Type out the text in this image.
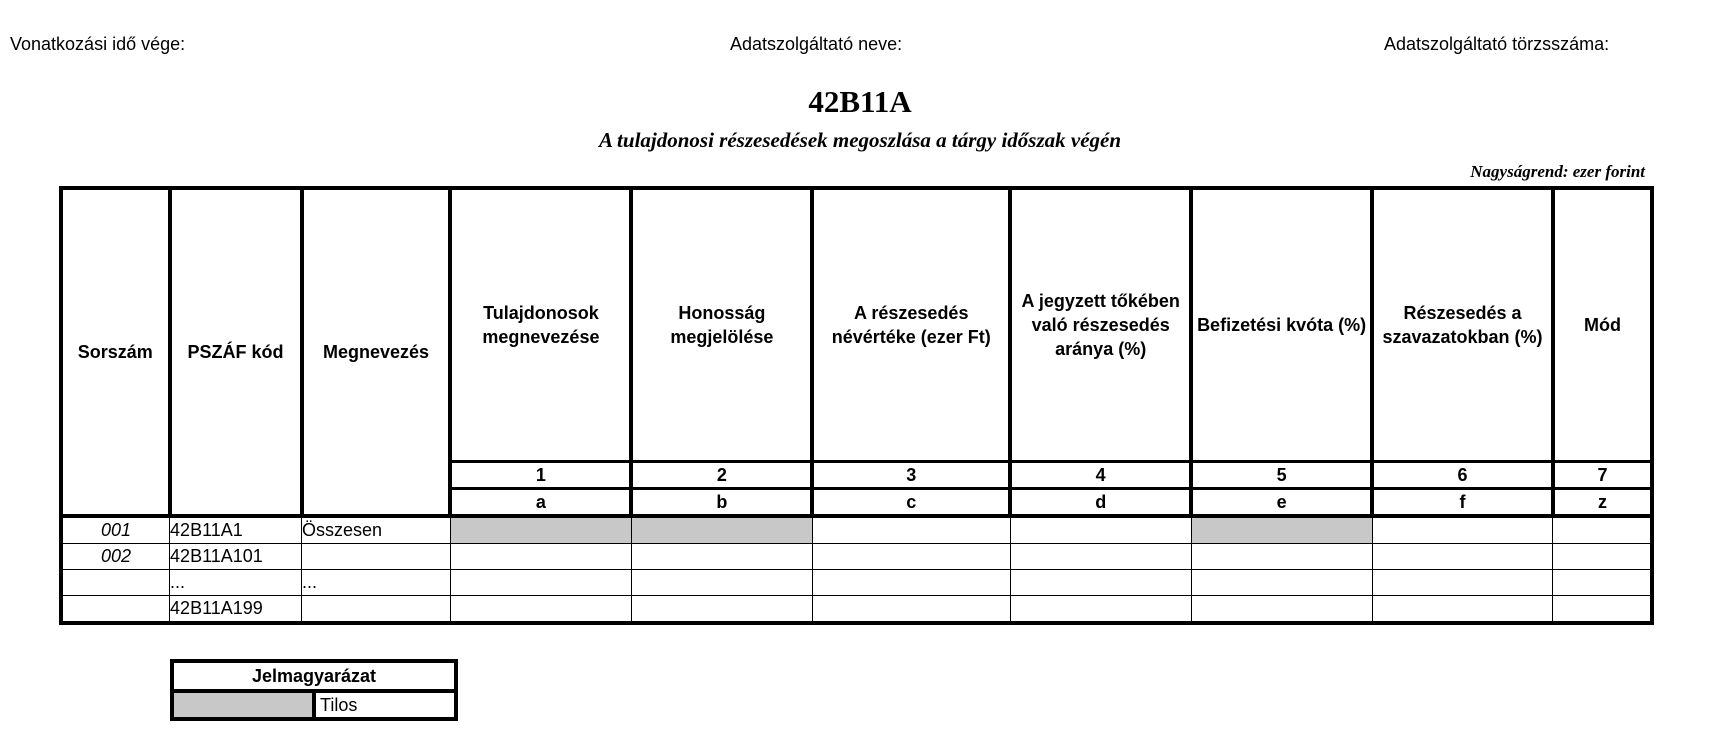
Vonatkozási idő vége:	Adatszolgáltató neve:	Adatszolgáltató törzsszáma:
42B11A
A tulajdonosi részesedések megoszlása a tárgy időszak végén
Nagyságrend: ezer forint
Sorszám	PSZÁF kód	Megnevezés	Tulajdonosok megnevezése	Honosság megjelölése	A részesedés névértéke (ezer Ft)	A jegyzett tőkében való részesedés aránya (%)	Befizetési kvóta (%)	Részesedés a szavazatokban (%)	Mód
			1	2	3	4	5	6	7
			a	b	c	d	e	f	z
001	42B11A1	Összesen							
002	42B11A101								
	...	...							
	42B11A199								
Jelmagyarázat
	Tilos
